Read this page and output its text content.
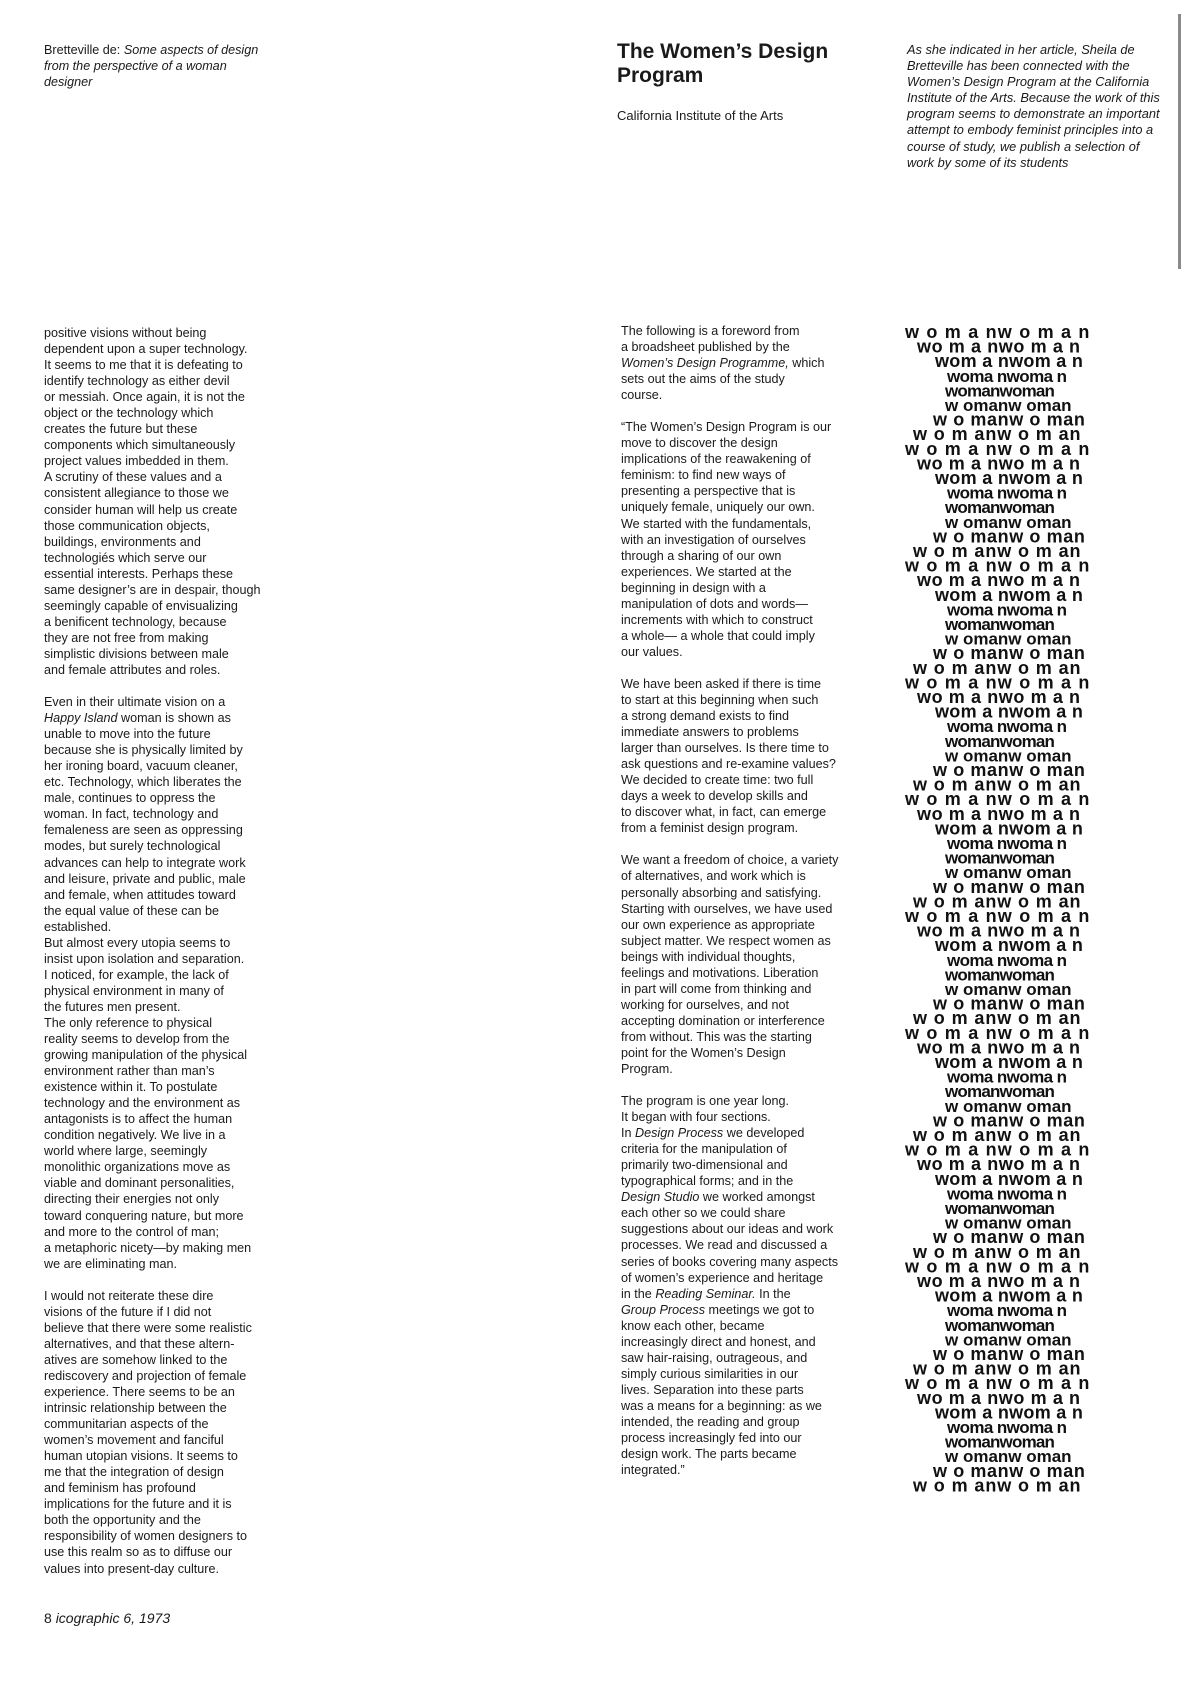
Bretteville de: Some aspects of design from the perspective of a woman designer
The Women’s Design Program
California Institute of the Arts
As she indicated in her article, Sheila de Bretteville has been connected with the Women’s Design Program at the California Institute of the Arts. Because the work of this program seems to demonstrate an important attempt to embody feminist principles into a course of study, we publish a selection of work by some of its students

positive visions without being
dependent upon a super technology.
It seems to me that it is defeating to
identify technology as either devil
or messiah. Once again, it is not the
object or the technology which
creates the future but these
components which simultaneously
project values imbedded in them.
A scrutiny of these values and a
consistent allegiance to those we
consider human will help us create
those communication objects,
buildings, environments and
technologiés which serve our
essential interests. Perhaps these
same designer’s are in despair, though
seemingly capable of envisualizing
a benificent technology, because
they are not free from making
simplistic divisions between male
and female attributes and roles.

Even in their ultimate vision on a
Happy Island woman is shown as
unable to move into the future
because she is physically limited by
her ironing board, vacuum cleaner,
etc. Technology, which liberates the
male, continues to oppress the
woman. In fact, technology and
femaleness are seen as oppressing
modes, but surely technological
advances can help to integrate work
and leisure, private and public, male
and female, when attitudes toward
the equal value of these can be
established.
But almost every utopia seems to
insist upon isolation and separation.
I noticed, for example, the lack of
physical environment in many of
the futures men present.
The only reference to physical
reality seems to develop from the
growing manipulation of the physical
environment rather than man’s
existence within it. To postulate
technology and the environment as
antagonists is to affect the human
condition negatively. We live in a
world where large, seemingly
monolithic organizations move as
viable and dominant personalities,
directing their energies not only
toward conquering nature, but more
and more to the control of man;
a metaphoric nicety—by making men
we are eliminating man.

I would not reiterate these dire
visions of the future if I did not
believe that there were some realistic
alternatives, and that these altern-
atives are somehow linked to the
rediscovery and projection of female
experience. There seems to be an
intrinsic relationship between the
communitarian aspects of the
women’s movement and fanciful
human utopian visions. It seems to
me that the integration of design
and feminism has profound
implications for the future and it is
both the opportunity and the
responsibility of women designers to
use this realm so as to diffuse our
values into present-day culture.

The following is a foreword from
a broadsheet published by the
Women’s Design Programme, which
sets out the aims of the study
course.

“The Women’s Design Program is our
move to discover the design
implications of the reawakening of
feminism: to find new ways of
presenting a perspective that is
uniquely female, uniquely our own.
We started with the fundamentals,
with an investigation of ourselves
through a sharing of our own
experiences. We started at the
beginning in design with a
manipulation of dots and words—
increments with which to construct
a whole— a whole that could imply
our values.

We have been asked if there is time
to start at this beginning when such
a strong demand exists to find
immediate answers to problems
larger than ourselves. Is there time to
ask questions and re-examine values?
We decided to create time: two full
days a week to develop skills and
to discover what, in fact, can emerge
from a feminist design program.

We want a freedom of choice, a variety
of alternatives, and work which is
personally absorbing and satisfying.
Starting with ourselves, we have used
our own experience as appropriate
subject matter. We respect women as
beings with individual thoughts,
feelings and motivations. Liberation
in part will come from thinking and
working for ourselves, and not
accepting domination or interference
from without. This was the starting
point for the Women’s Design
Program.

The program is one year long.
It began with four sections.
In Design Process we developed
criteria for the manipulation of
primarily two-dimensional and
typographical forms; and in the
Design Studio we worked amongst
each other so we could share
suggestions about our ideas and work
processes. We read and discussed a
series of books covering many aspects
of women’s experience and heritage
in the Reading Seminar. In the
Group Process meetings we got to
know each other, became
increasingly direct and honest, and
saw hair-raising, outrageous, and
simply curious similarities in our
lives. Separation into these parts
was a means for a beginning: as we
intended, the reading and group
process increasingly fed into our
design work. The parts became
integrated.”

w o m a nw o m a n
wo m a nwo m a n
wom a nwom a n
woma nwoma n
womanwoman
w omanw oman
w o manw o man
w o m anw o m an
w o m a nw o m a n
wo m a nwo m a n
wom a nwom a n
woma nwoma n
womanwoman
w omanw oman
w o manw o man
w o m anw o m an
w o m a nw o m a n
wo m a nwo m a n
wom a nwom a n
woma nwoma n
womanwoman
w omanw oman
w o manw o man
w o m anw o m an
w o m a nw o m a n
wo m a nwo m a n
wom a nwom a n
woma nwoma n
womanwoman
w omanw oman
w o manw o man
w o m anw o m an
w o m a nw o m a n
wo m a nwo m a n
wom a nwom a n
woma nwoma n
womanwoman
w omanw oman
w o manw o man
w o m anw o m an
w o m a nw o m a n
wo m a nwo m a n
wom a nwom a n
woma nwoma n
womanwoman
w omanw oman
w o manw o man
w o m anw o m an
w o m a nw o m a n
wo m a nwo m a n
wom a nwom a n
woma nwoma n
womanwoman
w omanw oman
w o manw o man
w o m anw o m an
w o m a nw o m a n
wo m a nwo m a n
wom a nwom a n
woma nwoma n
womanwoman
w omanw oman
w o manw o man
w o m anw o m an
w o m a nw o m a n
wo m a nwo m a n
wom a nwom a n
woma nwoma n
womanwoman
w omanw oman
w o manw o man
w o m anw o m an
w o m a nw o m a n
wo m a nwo m a n
wom a nwom a n
woma nwoma n
womanwoman
w omanw oman
w o manw o man
w o m anw o m an
8 icographic 6, 1973
